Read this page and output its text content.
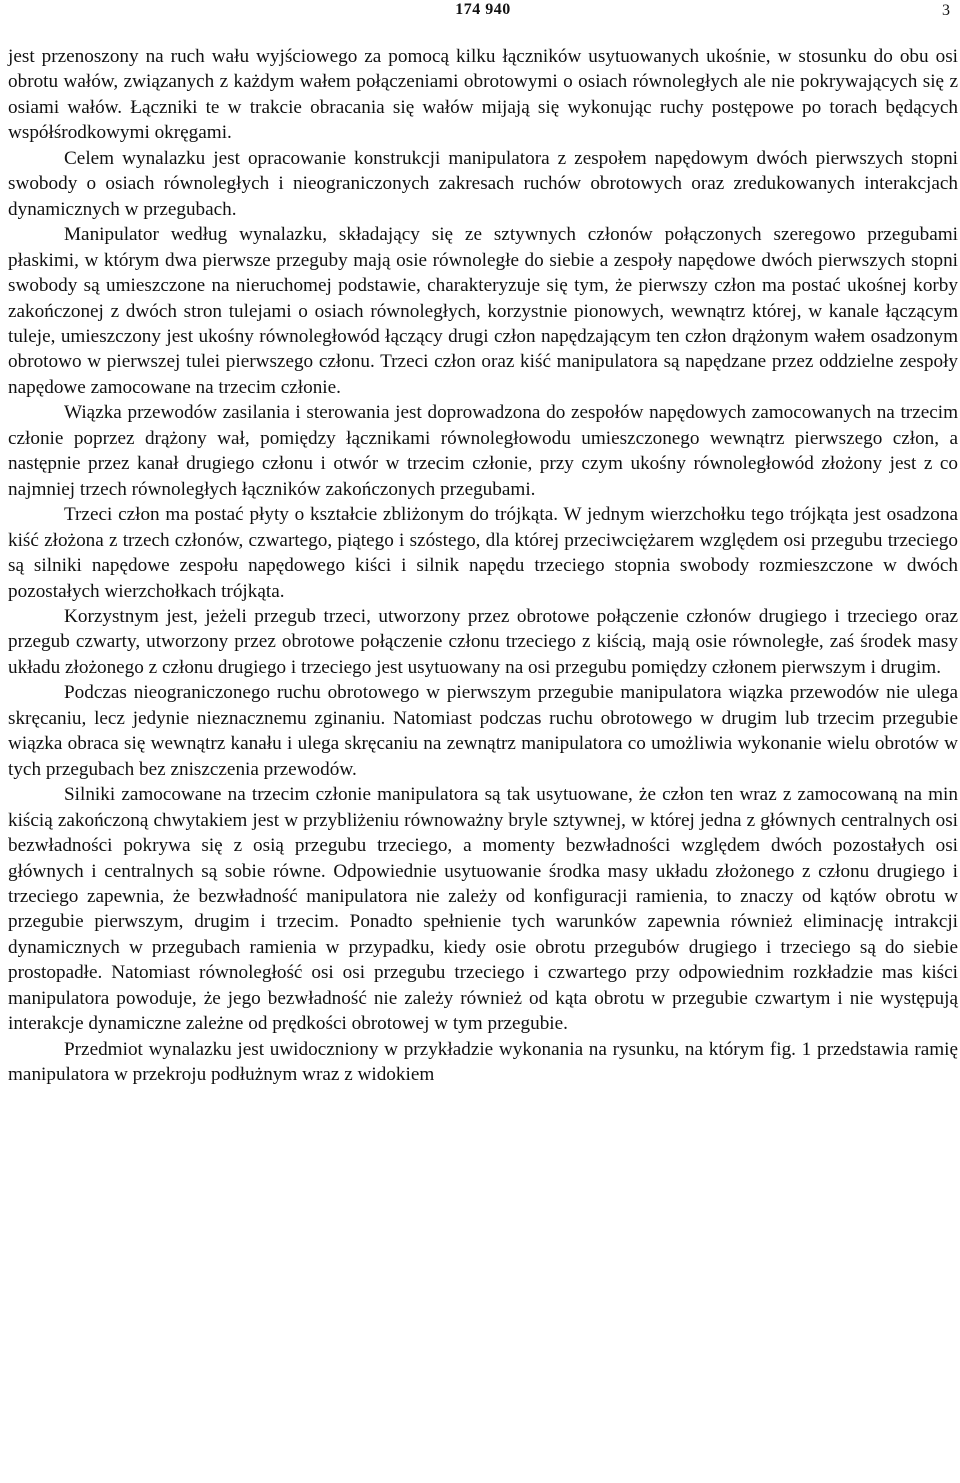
174 940	3

jest przenoszony na ruch wału wyjściowego za pomocą kilku łączników usytuowanych ukośnie, w stosunku do obu osi obrotu wałów, związanych z każdym wałem połączeniami obrotowymi o osiach równoległych ale nie pokrywających się z osiami wałów. Łączniki te w trakcie obracania się wałów mijają się wykonując ruchy postępowe po torach będących współśrodkowymi okręgami.

Celem wynalazku jest opracowanie konstrukcji manipulatora z zespołem napędowym dwóch pierwszych stopni swobody o osiach równoległych i nieograniczonych zakresach ruchów obrotowych oraz zredukowanych interakcjach dynamicznych w przegubach.

Manipulator według wynalazku, składający się ze sztywnych członów połączonych szeregowo przegubami płaskimi, w którym dwa pierwsze przeguby mają osie równoległe do siebie a zespoły napędowe dwóch pierwszych stopni swobody są umieszczone na nieruchomej podstawie, charakteryzuje się tym, że pierwszy człon ma postać ukośnej korby zakończonej z dwóch stron tulejami o osiach równoległych, korzystnie pionowych, wewnątrz której, w kanale łączącym tuleje, umieszczony jest ukośny równoległowód łączący drugi człon napędzającym ten człon drążonym wałem osadzonym obrotowo w pierwszej tulei pierwszego członu. Trzeci człon oraz kiść manipulatora są napędzane przez oddzielne zespoły napędowe zamocowane na trzecim członie.

Wiązka przewodów zasilania i sterowania jest doprowadzona do zespołów napędowych zamocowanych na trzecim członie poprzez drążony wał, pomiędzy łącznikami równoległowodu umieszczonego wewnątrz pierwszego człon, a następnie przez kanał drugiego członu i otwór w trzecim członie, przy czym ukośny równoległowód złożony jest z co najmniej trzech równoległych łączników zakończonych przegubami.

Trzeci człon ma postać płyty o kształcie zbliżonym do trójkąta. W jednym wierzchołku tego trójkąta jest osadzona kiść złożona z trzech członów, czwartego, piątego i szóstego, dla której przeciwciężarem względem osi przegubu trzeciego są silniki napędowe zespołu napędowego kiści i silnik napędu trzeciego stopnia swobody rozmieszczone w dwóch pozostałych wierzchołkach trójkąta.

Korzystnym jest, jeżeli przegub trzeci, utworzony przez obrotowe połączenie członów drugiego i trzeciego oraz przegub czwarty, utworzony przez obrotowe połączenie członu trzeciego z kiścią, mają osie równoległe, zaś środek masy układu złożonego z członu drugiego i trzeciego jest usytuowany na osi przegubu pomiędzy członem pierwszym i drugim.

Podczas nieograniczonego ruchu obrotowego w pierwszym przegubie manipulatora wiązka przewodów nie ulega skręcaniu, lecz jedynie nieznacznemu zginaniu. Natomiast podczas ruchu obrotowego w drugim lub trzecim przegubie wiązka obraca się wewnątrz kanału i ulega skręcaniu na zewnątrz manipulatora co umożliwia wykonanie wielu obrotów w tych przegubach bez zniszczenia przewodów.

Silniki zamocowane na trzecim członie manipulatora są tak usytuowane, że człon ten wraz z zamocowaną na min kiścią zakończoną chwytakiem jest w przybliżeniu równoważny bryle sztywnej, w której jedna z głównych centralnych osi bezwładności pokrywa się z osią przegubu trzeciego, a momenty bezwładności względem dwóch pozostałych osi głównych i centralnych są sobie równe. Odpowiednie usytuowanie środka masy układu złożonego z członu drugiego i trzeciego zapewnia, że bezwładność manipulatora nie zależy od konfiguracji ramienia, to znaczy od kątów obrotu w przegubie pierwszym, drugim i trzecim. Ponadto spełnienie tych warunków zapewnia również eliminację intrakcji dynamicznych w przegubach ramienia w przypadku, kiedy osie obrotu przegubów drugiego i trzeciego są do siebie prostopadłe. Natomiast równoległość osi osi przegubu trzeciego i czwartego przy odpowiednim rozkładzie mas kiści manipulatora powoduje, że jego bezwładność nie zależy również od kąta obrotu w przegubie czwartym i nie występują interakcje dynamiczne zależne od prędkości obrotowej w tym przegubie.

Przedmiot wynalazku jest uwidoczniony w przykładzie wykonania na rysunku, na którym fig. 1 przedstawia ramię manipulatora w przekroju podłużnym wraz z widokiem
